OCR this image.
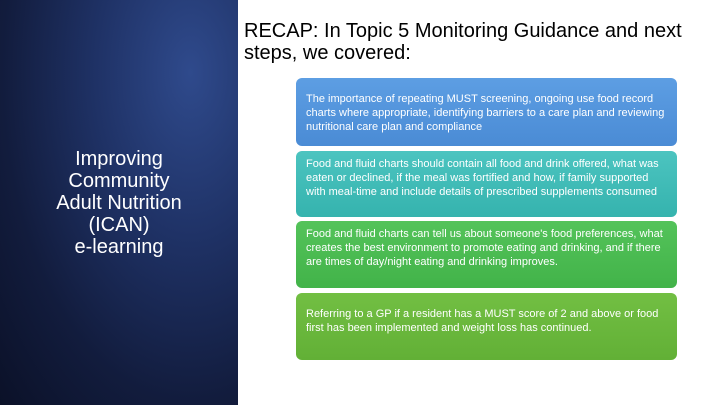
Improving
Community
Adult Nutrition
(ICAN)
e-learning
RECAP: In Topic 5 Monitoring Guidance and next steps, we covered:
The importance of repeating MUST screening, ongoing use food record charts where appropriate, identifying barriers to a care plan and reviewing nutritional care plan and compliance
Food and fluid charts should contain all food and drink offered, what was eaten or declined, if the meal was fortified and how, if family supported with meal-time and include details of prescribed supplements consumed
Food and fluid charts can tell us about someone's food preferences, what creates the best environment to promote eating and drinking, and if there are times of day/night eating and drinking improves.
Referring to a GP if a resident has a MUST score of 2 and above or food first has been implemented and weight loss has continued.
